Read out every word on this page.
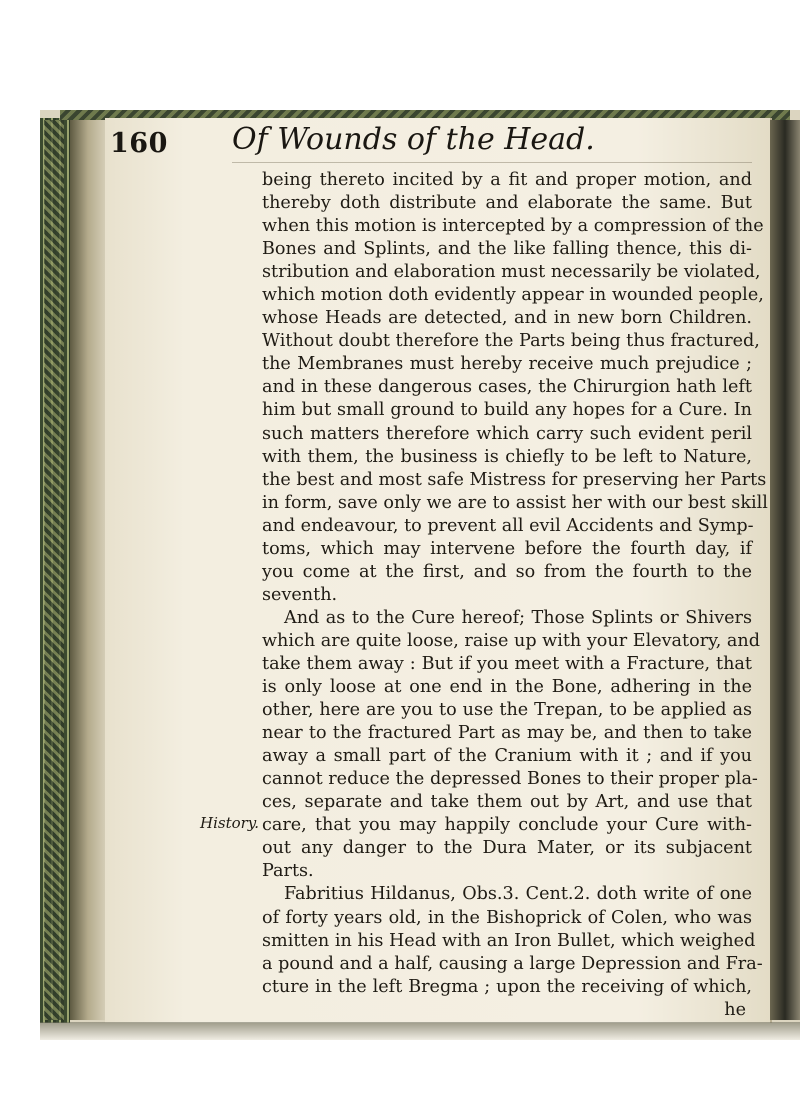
160 Of Wounds of the Head.
being thereto incited by a fit and proper motion, and
thereby doth distribute and elaborate the same. But
when this motion is intercepted by a compression of the
Bones and Splints, and the like falling thence, this di-
stribution and elaboration must necessarily be violated,
which motion doth evidently appear in wounded people,
whose Heads are detected, and in new born Children.
Without doubt therefore the Parts being thus fractured,
the Membranes must hereby receive much prejudice ;
and in these dangerous cases, the Chirurgion hath left
him but small ground to build any hopes for a Cure. In
such matters therefore which carry such evident peril
with them, the business is chiefly to be left to Nature,
the best and most safe Mistress for preserving her Parts
in form, save only we are to assist her with our best skill
and endeavour, to prevent all evil Accidents and Symp-
toms, which may intervene before the fourth day, if
you come at the first, and so from the fourth to the
seventh.
And as to the Cure hereof; Those Splints or Shivers
which are quite loose, raise up with your Elevatory, and
take them away : But if you meet with a Fracture, that
is only loose at one end in the Bone, adhering in the
other, here are you to use the Trepan, to be applied as
near to the fractured Part as may be, and then to take
away a small part of the Cranium with it ; and if you
cannot reduce the depressed Bones to their proper pla-
ces, separate and take them out by Art, and use that
care, that you may happily conclude your Cure with-
out any danger to the Dura Mater, or its subjacent
Parts.
Fabritius Hildanus, Obs.3. Cent.2. doth write of one
of forty years old, in the Bishoprick of Colen, who was
smitten in his Head with an Iron Bullet, which weighed
a pound and a half, causing a large Depression and Fra-
cture in the left Bregma ; upon the receiving of which,
he
History.
